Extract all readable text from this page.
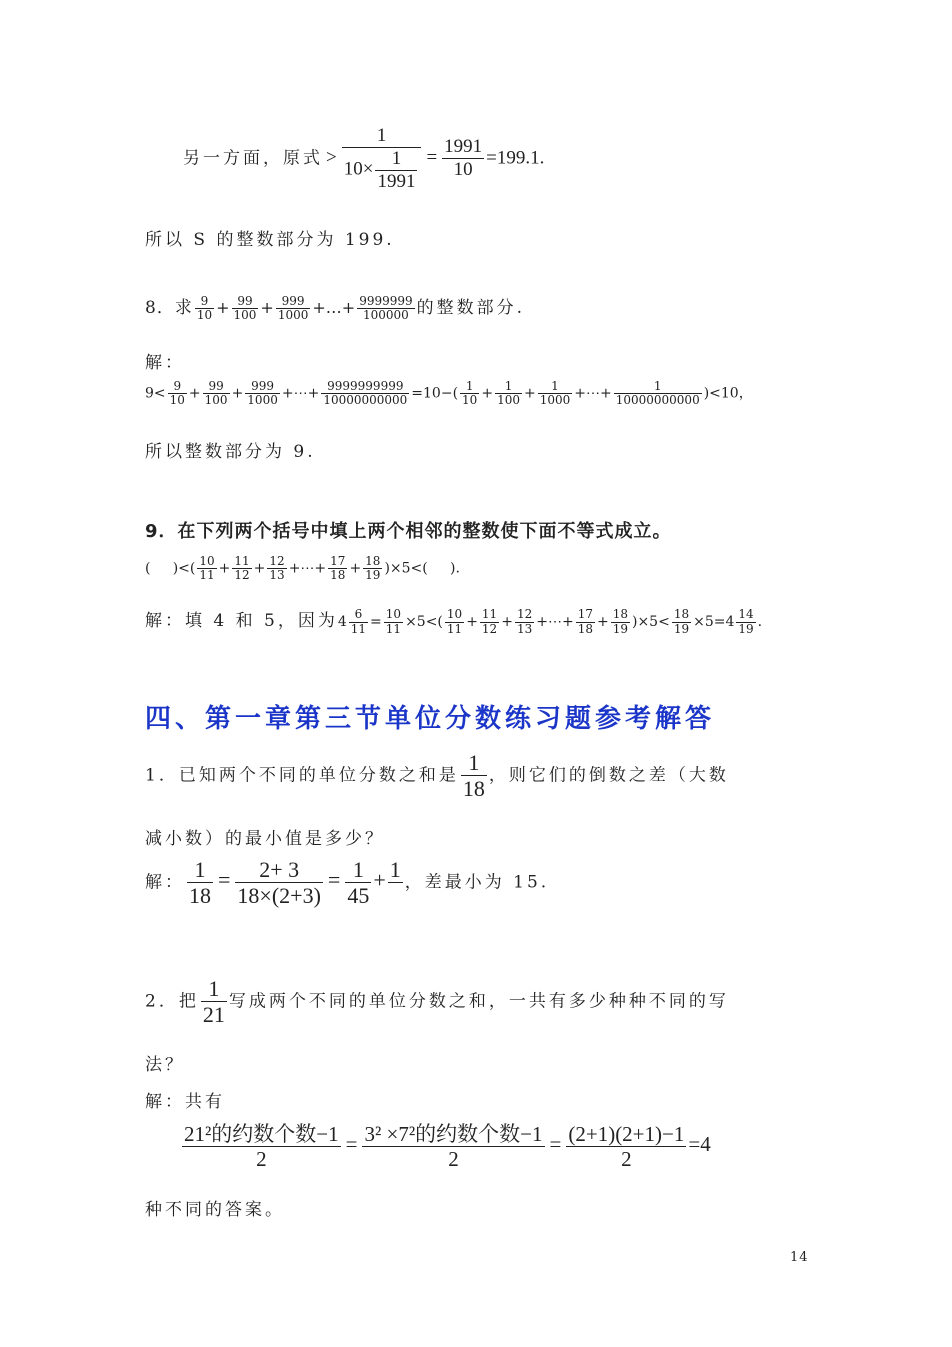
另一方面，原式 > $\frac{1}{10\times \frac{1}{1991}} = \frac{1991}{10} =199.1$.
所以 S 的整数部分为 199.
8．求 $\frac{9}{10} + \frac{99}{100} + \frac{999}{1000}$ +…+ $\frac{9999999}{100000}$ 的整数部分.
解：
$9< \frac{9}{10} + \frac{99}{100} + \frac{999}{1000}$ +⋯+ $\frac{9999999999}{10000000000} =10-( \frac{1}{10} + \frac{1}{100} + \frac{1}{1000}$ +⋯+ $\frac{1}{10000000000} )<10$，
所以整数部分为 9.
9．在下列两个括号中填上两个相邻的整数使下面不等式成立。
(     )<( $\frac{10}{11} + \frac{11}{12} + \frac{12}{13}$ +⋯+ $\frac{17}{18} + \frac{18}{19} )\times 5<$(     ).
解：填 4 和 5，因为$4 \frac{6}{11} = \frac{10}{11} \times 5<( \frac{10}{11} + \frac{11}{12} + \frac{12}{13}$ +⋯+ $\frac{17}{18} + \frac{18}{19} )\times 5< \frac{18}{19} \times 5=4 \frac{14}{19}$ .
四、第一章第三节单位分数练习题参考解答
1．已知两个不同的单位分数之和是 $\frac{1}{18}$ ，则它们的倒数之差（大数
减小数）的最小值是多少？
解： $\frac{1}{18} = \frac{2+ 3}{18\times(2+3)} = \frac{1}{45} + 1$

，差最小为 15.
2．把 $\frac{1}{21}$ 写成两个不同的单位分数之和，一共有多少种种不同的写
法？
解：共有
$\frac{\text{21²的约数个数−1}}{2} = \frac{\text{3² ×7²的约数个数−1}}{2} = \frac{(2+1)(2+1)-1}{2} =4$
种不同的答案。
14
